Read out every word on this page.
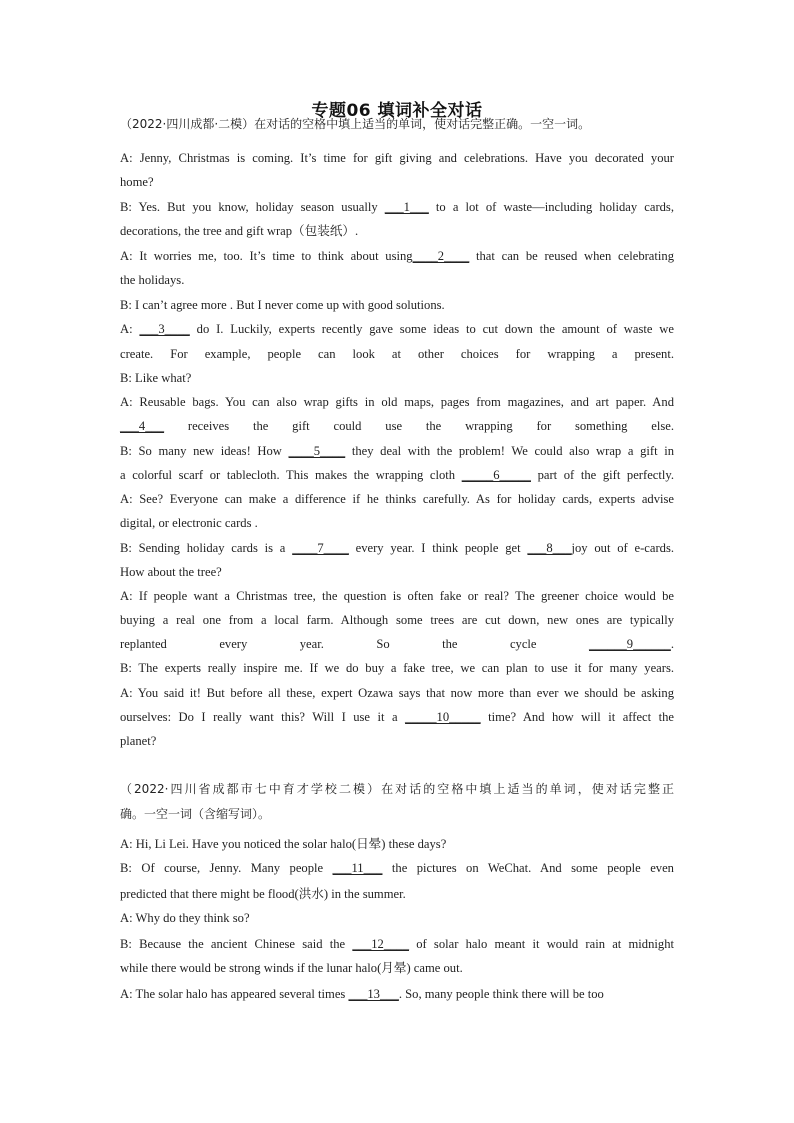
专题06 填词补全对话
（2022·四川成都·二模）在对话的空格中填上适当的单词，使对话完整正确。一空一词。
A: Jenny, Christmas is coming. It’s time for gift giving and celebrations. Have you decorated your
home?
B: Yes. But you know, holiday season usually ___1___ to a lot of waste—including holiday cards,
decorations, the tree and gift wrap（包装纸）.
A: It worries me, too. It’s time to think about using____2____ that can be reused when celebrating
the holidays.
B: I can’t agree more . But I never come up with good solutions.
A: ___3____ do I. Luckily, experts recently gave some ideas to cut down the amount of waste we
create. For example, people can look at other choices for wrapping a present.
B: Like what?
A: Reusable bags. You can also wrap gifts in old maps, pages from magazines, and art paper. And
___4___ receives the gift could use the wrapping for something else.
B: So many new ideas! How ____5____ they deal with the problem! We could also wrap a gift in
a colorful scarf or tablecloth. This makes the wrapping cloth _____6_____ part of the gift perfectly.
A: See? Everyone can make a difference if he thinks carefully. As for holiday cards, experts advise
digital, or electronic cards .
B: Sending holiday cards is a ____7____ every year. I think people get ___8___joy out of e-cards.
How about the tree?
A: If people want a Christmas tree, the question is often fake or real? The greener choice would be
buying a real one from a local farm. Although some trees are cut down, new ones are typically
replanted every year. So the cycle ______9______.
B: The experts really inspire me. If we do buy a fake tree, we can plan to use it for many years.
A: You said it! But before all these, expert Ozawa says that now more than ever we should be asking
ourselves: Do I really want this? Will I use it a _____10_____ time? And how will it affect the
planet?
（2022·四川省成都市七中育才学校二模）在对话的空格中填上适当的单词，使对话完整正
确。一空一词（含缩写词）。
A: Hi, Li Lei. Have you noticed the solar halo(日晕) these days?
B: Of course, Jenny. Many people ___11___ the pictures on WeChat. And some people even
predicted that there might be flood(洪水) in the summer.
A: Why do they think so?
B: Because the ancient Chinese said the ___12____ of solar halo meant it would rain at midnight
while there would be strong winds if the lunar halo(月晕) came out.
A: The solar halo has appeared several times ___13___. So, many people think there will be too
